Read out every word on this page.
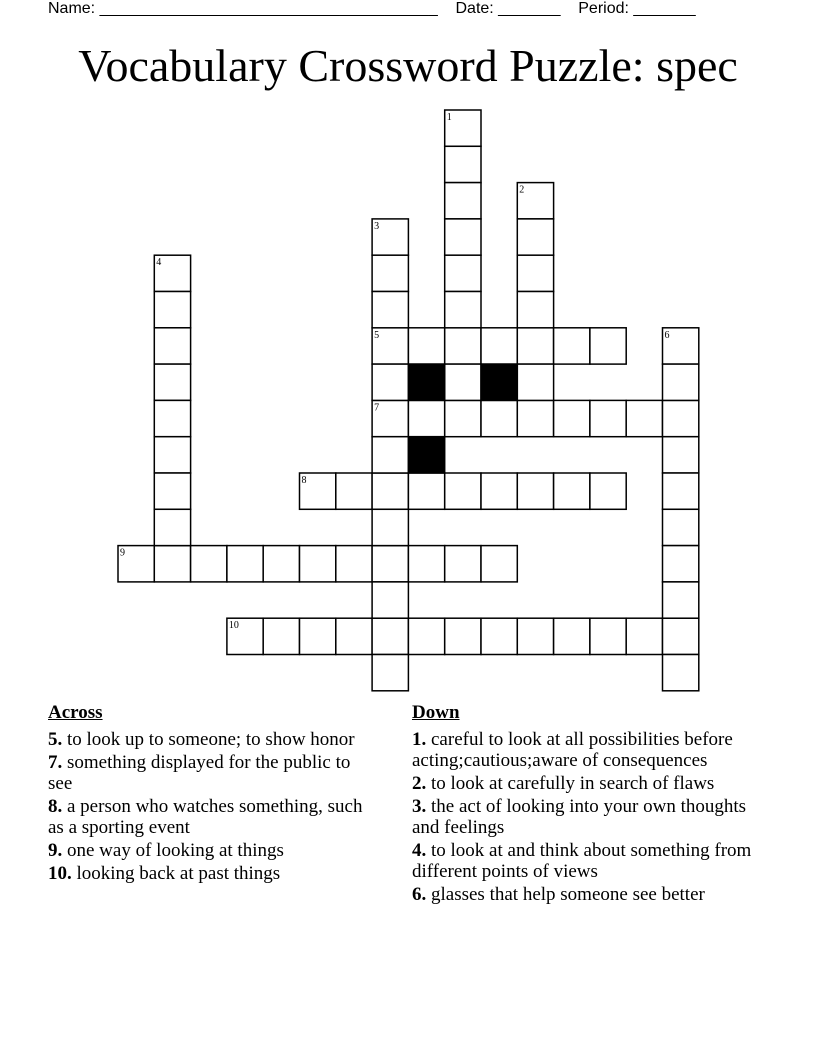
Name: ______________________________________    Date: _______    Period: _______
Vocabulary Crossword Puzzle: spec
5
7
8
9
10
1
2
3
4
6
Across
5. to look up to someone; to show honor
7. something displayed for the public to see
8. a person who watches something, such as a sporting event
9. one way of looking at things
10. looking back at past things
Down
1. careful to look at all possibilities before acting;cautious;aware of consequences
2. to look at carefully in search of flaws
3. the act of looking into your own thoughts and feelings
4. to look at and think about something from different points of views
6. glasses that help someone see better
